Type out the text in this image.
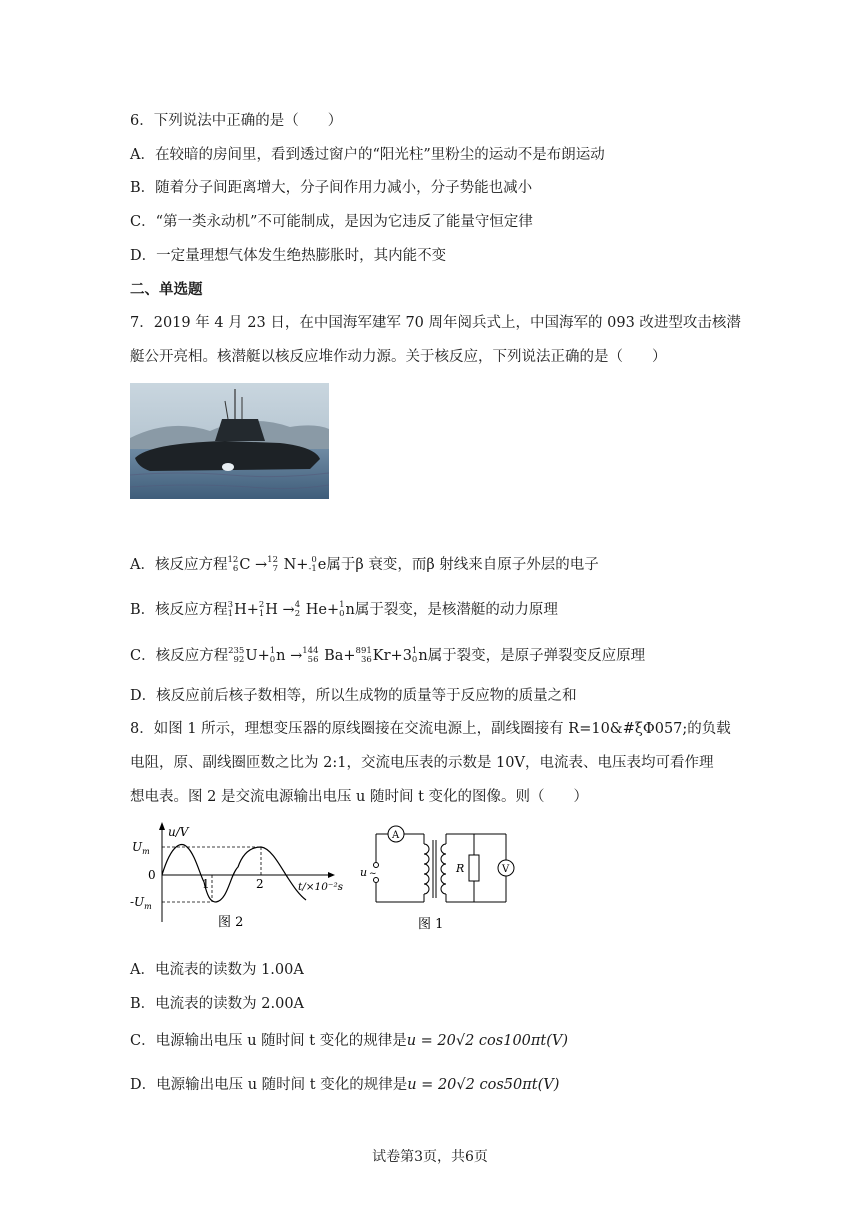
6．下列说法中正确的是（　　）
A．在较暗的房间里，看到透过窗户的“阳光柱”里粉尘的运动不是布朗运动
B．随着分子间距离增大，分子间作用力减小，分子势能也减小
C．“第一类永动机”不可能制成，是因为它违反了能量守恒定律
D．一定量理想气体发生绝热膨胀时，其内能不变
二、单选题
7．2019 年 4 月 23 日，在中国海军建军 70 周年阅兵式上，中国海军的 093 改进型攻击核潜
艇公开亮相。核潜艇以核反应堆作动力源。关于核反应，下列说法正确的是（　　）
A．核反应方程 12
6 C → 12
7 N+ 0
-1 e属于β 衰变，而β 射线来自原子外层的电子
B．核反应方程 3
1 H+ 2
1 H → 4
2 He+ 1
0 n属于裂变，是核潜艇的动力原理
C．核反应方程 235
92 U+ 1
0 n → 144
56 Ba+ 891
36 Kr+3 1
0 n属于裂变，是原子弹裂变反应原理
D．核反应前后核子数相等，所以生成物的质量等于反应物的质量之和
8．如图 1 所示，理想变压器的原线圈接在交流电源上，副线圈接有 R=10&#ξΦ057;的负载
电阻，原、副线圈匝数之比为 2:1，交流电压表的示数是 10V，电流表、电压表均可看作理
想电表。图 2 是交流电源输出电压 u 随时间 t 变化的图像。则（　　）
u/V
$U_m$
0
$-U_m$
1	2	t/×10⁻²s
图 2
A
u ~	R	V
图 1
A．电流表的读数为 1.00A
B．电流表的读数为 2.00A
C．电源输出电压 u 随时间 t 变化的规律是u = 20√2 cos100πt(V)
D．电源输出电压 u 随时间 t 变化的规律是u = 20√2 cos50πt(V)
试卷第3页，共6页
